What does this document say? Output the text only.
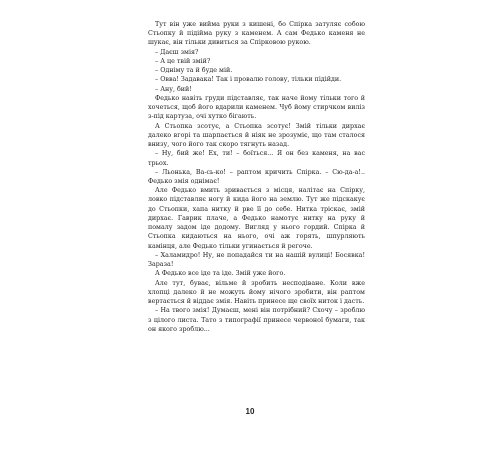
Тут він уже вийма руки з кишені, бо Спірка затуляє собою Стьопку й підійма руку з каменем. А сам Федько каменя не шукає, він тільки дивиться за Спірковою рукою.
– Даєш змія?
– А це твій змій?
– Одніму та й буде мій.
– Овва! Задавака! Так і провалю голову, тільки підійди.
– Ану, бий!
Федько навіть груди підставляє, так наче йому тільки того й хочеться, щоб його вдарили каменем. Чуб йому стирчком виліз з-під картуза, очі хутко бігають.
А Стьопка зсотує, а Стьопка зсотує! Змій тільки дирхає далеко вгорі та шарпається й ніяк не зрозуміє, що там сталося внизу, чого його так скоро тягнуть назад.
– Ну, бий же! Ех, ти! – боїться... Я он без каменя, на вас трьох.
– Льонька, Ва-сь-ко! – раптом кричить Спірка. – Сю-да-а!.. Федько змія однімає!
Але Федько вмить зривається з місця, налітає на Спірку, ловко підставляє ногу й кида його на землю. Тут же підскакує до Стьопки, хапа нитку й рве її до себе. Нитка тріскає, змій дирхає. Гаврик плаче, а Федько намотує нитку на руку й помалу задом іде додому. Вигляд у нього гордий. Спірка й Стьопка кидаються на нього, очі аж горять, шпурляють камінця, але Федько тільки угинається й регоче.
– Халамидро! Ну, не попадайся ти на нашій вулиці! Босявка! Зараза!
А Федько все іде та іде. Змій уже його.
Але тут, буває, вільме й зробить несподіване. Коли вже хлопці далеко й не можуть йому нічого зробити, він раптом вертається й віддає змія. Навіть принесе ще своїх ниток і дасть.
– На твого змія! Думаєш, мені він потрібний? Схочу – зроблю з цілого листа. Тато з типографії принесе червоної бумаги, так он якого зроблю...
10
